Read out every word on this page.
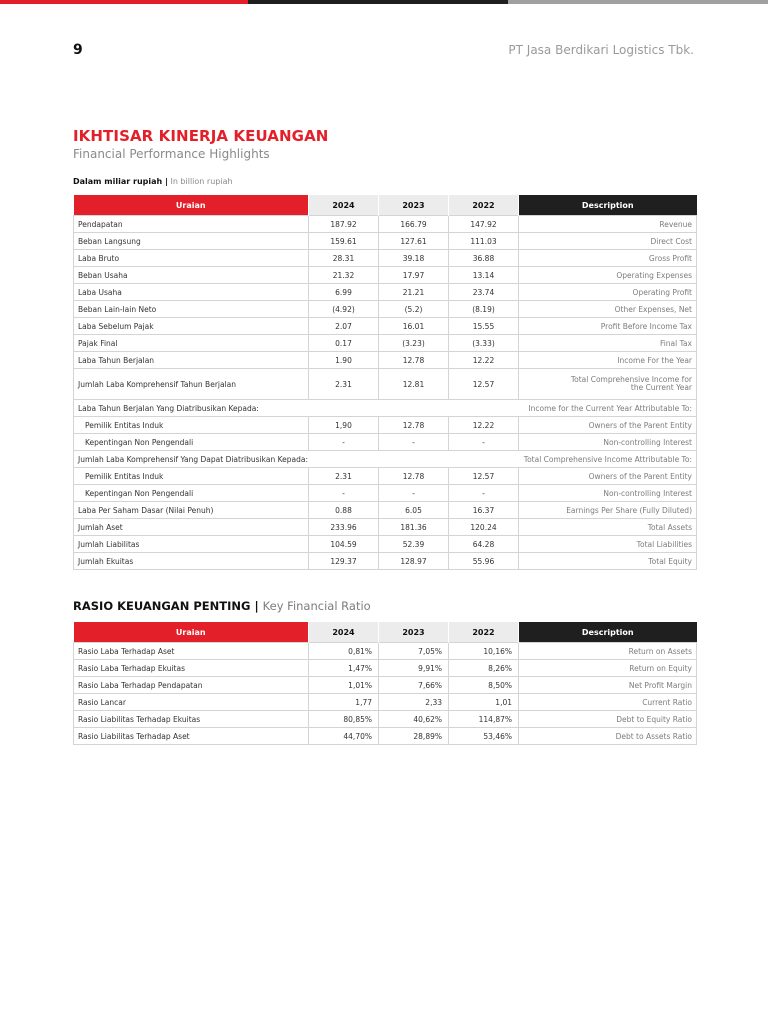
9	PT Jasa Berdikari Logistics Tbk.
IKHTISAR KINERJA KEUANGAN
Financial Performance Highlights
Dalam miliar rupiah | In billion rupiah
Uraian	2024	2023	2022	Description
Pendapatan	187.92	166.79	147.92	Revenue
Beban Langsung	159.61	127.61	111.03	Direct Cost
Laba Bruto	28.31	39.18	36.88	Gross Profit
Beban Usaha	21.32	17.97	13.14	Operating Expenses
Laba Usaha	6.99	21.21	23.74	Operating Profit
Beban Lain-lain Neto	(4.92)	(5.2)	(8.19)	Other Expenses, Net
Laba Sebelum Pajak	2.07	16.01	15.55	Profit Before Income Tax
Pajak Final	0.17	(3.23)	(3.33)	Final Tax
Laba Tahun Berjalan	1.90	12.78	12.22	Income For the Year
Jumlah Laba Komprehensif Tahun Berjalan	2.31	12.81	12.57	Total Comprehensive Income for
the Current Year
Laba Tahun Berjalan Yang Diatribusikan Kepada:				Income for the Current Year Attributable To:
Pemilik Entitas Induk	1,90	12.78	12.22	Owners of the Parent Entity
Kepentingan Non Pengendali	-	-	-	Non-controlling Interest
Jumlah Laba Komprehensif Yang Dapat Diatribusikan Kepada:				Total Comprehensive Income Attributable To:
Pemilik Entitas Induk	2.31	12.78	12.57	Owners of the Parent Entity
Kepentingan Non Pengendali	-	-	-	Non-controlling Interest
Laba Per Saham Dasar (Nilai Penuh)	0.88	6.05	16.37	Earnings Per Share (Fully Diluted)
Jumlah Aset	233.96	181.36	120.24	Total Assets
Jumlah Liabilitas	104.59	52.39	64.28	Total Liabilities
Jumlah Ekuitas	129.37	128.97	55.96	Total Equity
RASIO KEUANGAN PENTING | Key Financial Ratio
Uraian	2024	2023	2022	Description
Rasio Laba Terhadap Aset	0,81%	7,05%	10,16%	Return on Assets
Rasio Laba Terhadap Ekuitas	1,47%	9,91%	8,26%	Return on Equity
Rasio Laba Terhadap Pendapatan	1,01%	7,66%	8,50%	Net Profit Margin
Rasio Lancar	1,77	2,33	1,01	Current Ratio
Rasio Liabilitas Terhadap Ekuitas	80,85%	40,62%	114,87%	Debt to Equity Ratio
Rasio Liabilitas Terhadap Aset	44,70%	28,89%	53,46%	Debt to Assets Ratio
